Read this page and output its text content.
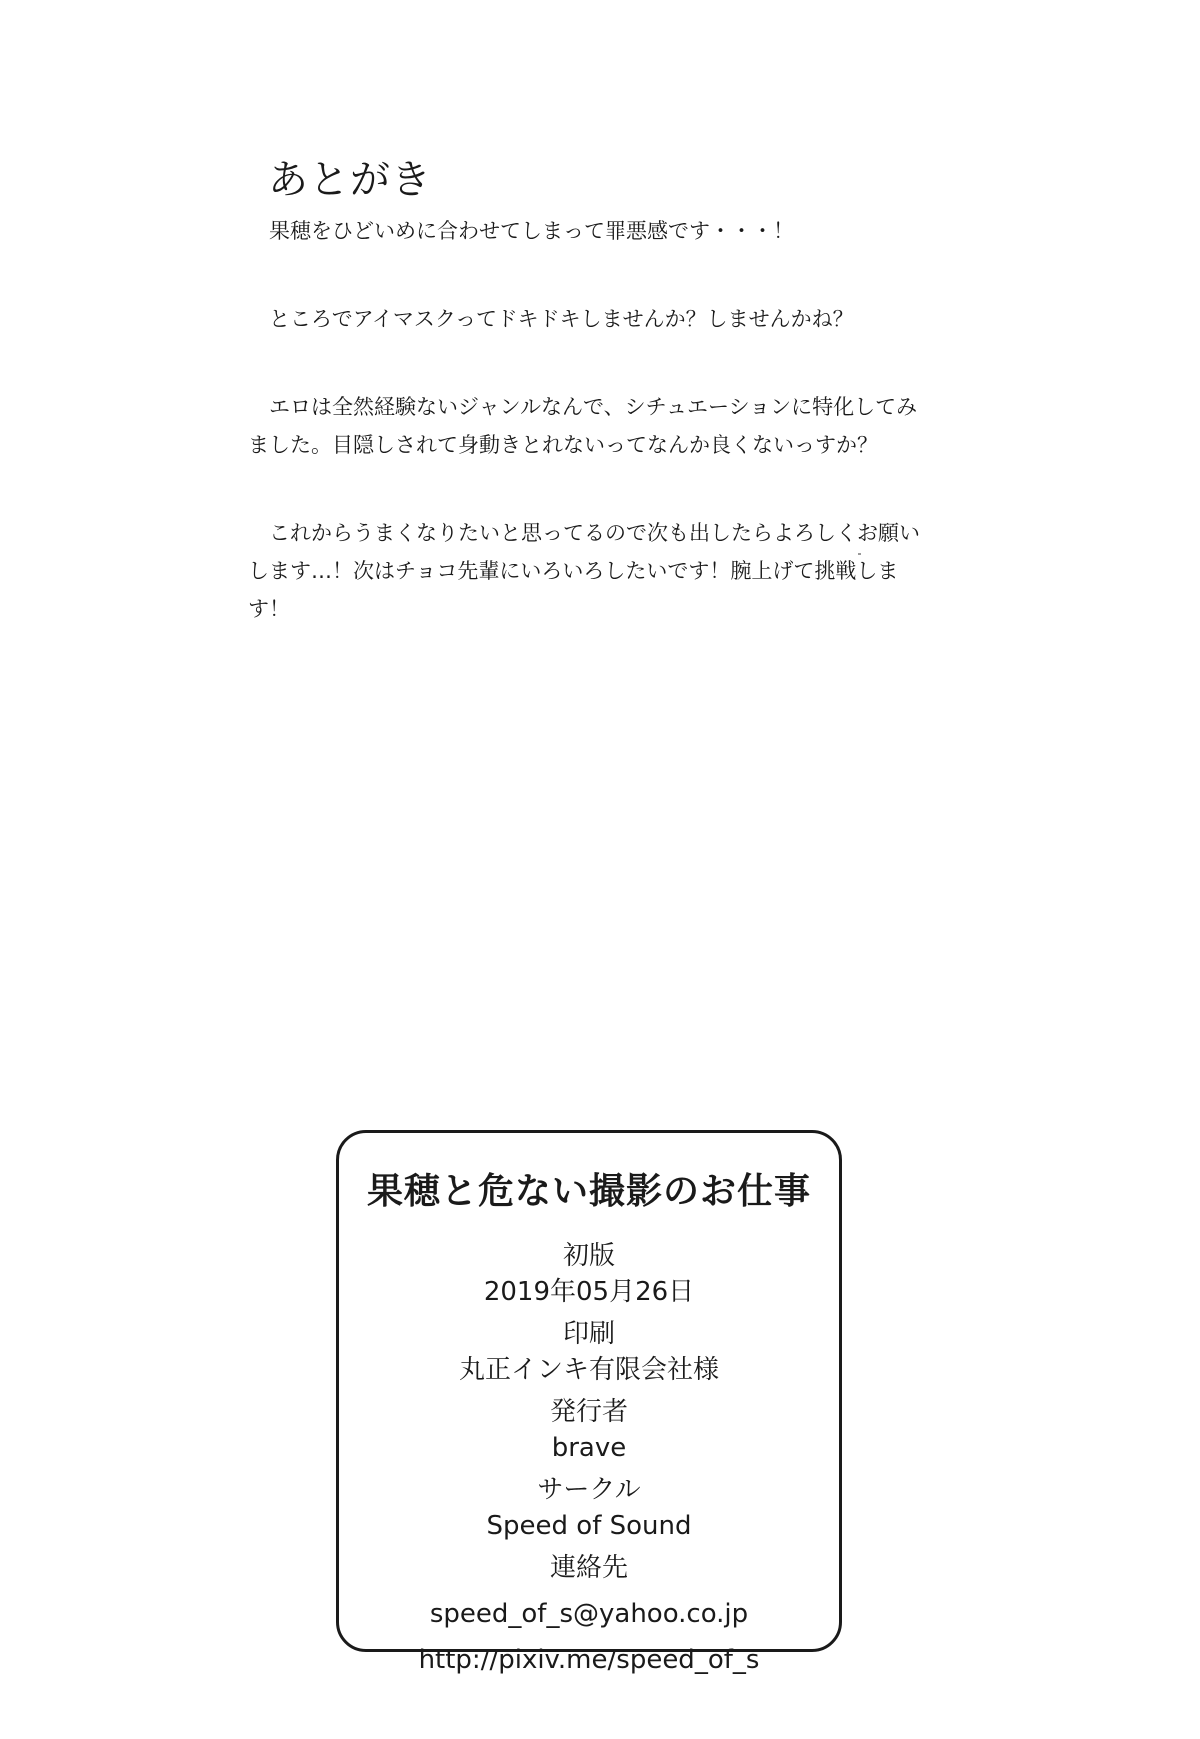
あとがき

果穂をひどいめに合わせてしまって罪悪感です・・・！

ところでアイマスクってドキドキしませんか？しませんかね？

エロは全然経験ないジャンルなんで、シチュエーションに特化してみました。目隠しされて身動きとれないってなんか良くないっすか？

これからうまくなりたいと思ってるので次も出したらよろしくお願いします…！次はチョコ先輩にいろいろしたいです！腕上げて挑戦します！

果穂と危ない撮影のお仕事
初版
2019年05月26日
印刷
丸正インキ有限会社様
発行者
brave
サークル
Speed of Sound
連絡先
speed_of_s@yahoo.co.jp
http://pixiv.me/speed_of_s
